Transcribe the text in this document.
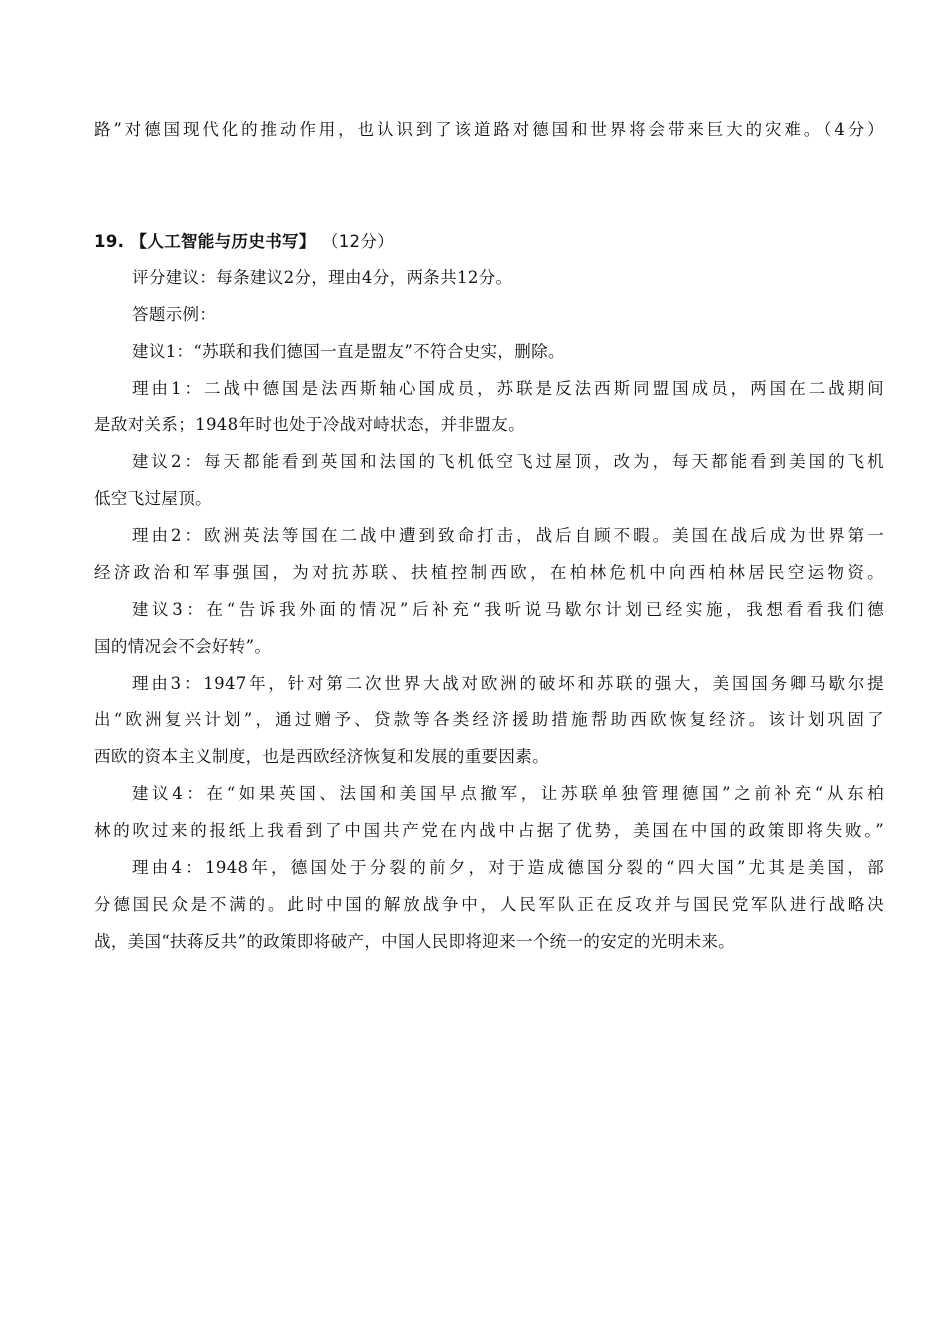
路”对德国现代化的推动作用，也认识到了该道路对德国和世界将会带来巨大的灾难。（4分）
19. 【人工智能与历史书写】 （12分）
评分建议：每条建议2分，理由4分，两条共12分。
答题示例：
建议1：“苏联和我们德国一直是盟友”不符合史实，删除。
理由1：二战中德国是法西斯轴心国成员，苏联是反法西斯同盟国成员，两国在二战期间
是敌对关系；1948年时也处于冷战对峙状态，并非盟友。
建议2：每天都能看到英国和法国的飞机低空飞过屋顶，改为，每天都能看到美国的飞机
低空飞过屋顶。
理由2：欧洲英法等国在二战中遭到致命打击，战后自顾不暇。美国在战后成为世界第一
经济政治和军事强国，为对抗苏联、扶植控制西欧，在柏林危机中向西柏林居民空运物资。
建议3：在“告诉我外面的情况”后补充“我听说马歇尔计划已经实施，我想看看我们德
国的情况会不会好转”。
理由3：1947年，针对第二次世界大战对欧洲的破坏和苏联的强大，美国国务卿马歇尔提
出“欧洲复兴计划”，通过赠予、贷款等各类经济援助措施帮助西欧恢复经济。该计划巩固了
西欧的资本主义制度，也是西欧经济恢复和发展的重要因素。
建议4：在“如果英国、法国和美国早点撤军，让苏联单独管理德国”之前补充“从东柏
林的吹过来的报纸上我看到了中国共产党在内战中占据了优势，美国在中国的政策即将失败。”
理由4：1948年，德国处于分裂的前夕，对于造成德国分裂的“四大国”尤其是美国，部
分德国民众是不满的。此时中国的解放战争中，人民军队正在反攻并与国民党军队进行战略决
战，美国“扶蒋反共”的政策即将破产，中国人民即将迎来一个统一的安定的光明未来。
